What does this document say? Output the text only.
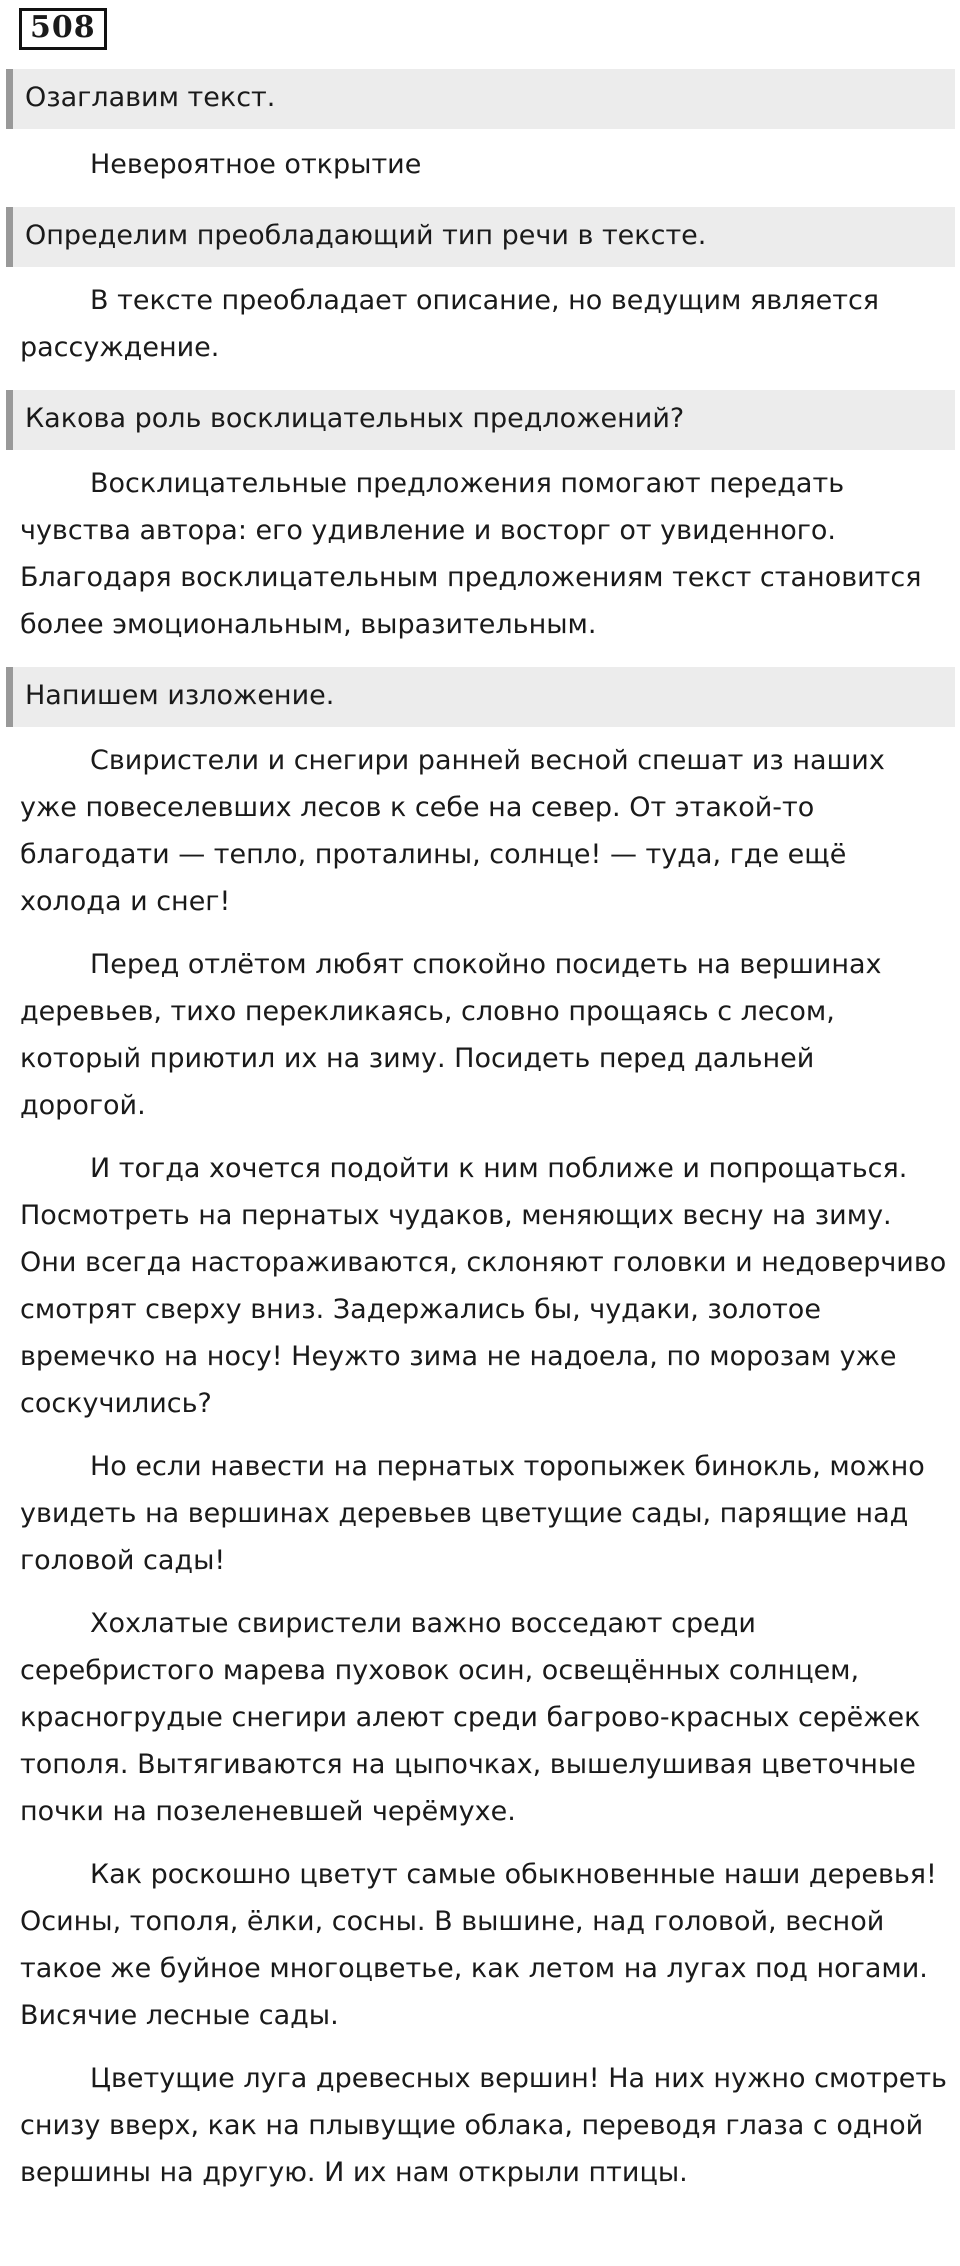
508
Озаглавим текст.

Невероятное открытие

Определим преобладающий тип речи в тексте.

В тексте преобладает описание, но ведущим является рассуждение.

Какова роль восклицательных предложений?

Восклицательные предложения помогают передать чувства автора: его удивление и восторг от увиденного. Благодаря восклицательным предложениям текст становится более эмоциональным, выразительным.

Напишем изложение.

Свиристели и снегири ранней весной спешат из наших уже повеселевших лесов к себе на север. От этакой-то благодати — тепло, проталины, солнце! — туда, где ещё холода и снег!

Перед отлётом любят спокойно посидеть на вершинах деревьев, тихо перекликаясь, словно прощаясь с лесом, который приютил их на зиму. Посидеть перед дальней дорогой.

И тогда хочется подойти к ним поближе и попрощаться. Посмотреть на пернатых чудаков, меняющих весну на зиму. Они всегда настораживаются, склоняют головки и недоверчиво смотрят сверху вниз. Задержались бы, чудаки, золотое времечко на носу! Неужто зима не надоела, по морозам уже соскучились?

Но если навести на пернатых торопыжек бинокль, можно увидеть на вершинах деревьев цветущие сады, парящие над головой сады!

Хохлатые свиристели важно восседают среди серебристого марева пуховок осин, освещённых солнцем, красногрудые снегири алеют среди багрово-красных серёжек тополя. Вытягиваются на цыпочках, вышелушивая цветочные почки на позеленевшей черёмухе.

Как роскошно цветут самые обыкновенные наши деревья! Осины, тополя, ёлки, сосны. В вышине, над головой, весной такое же буйное многоцветье, как летом на лугах под ногами. Висячие лесные сады.

Цветущие луга древесных вершин! На них нужно смотреть снизу вверх, как на плывущие облака, переводя глаза с одной вершины на другую. И их нам открыли птицы.
